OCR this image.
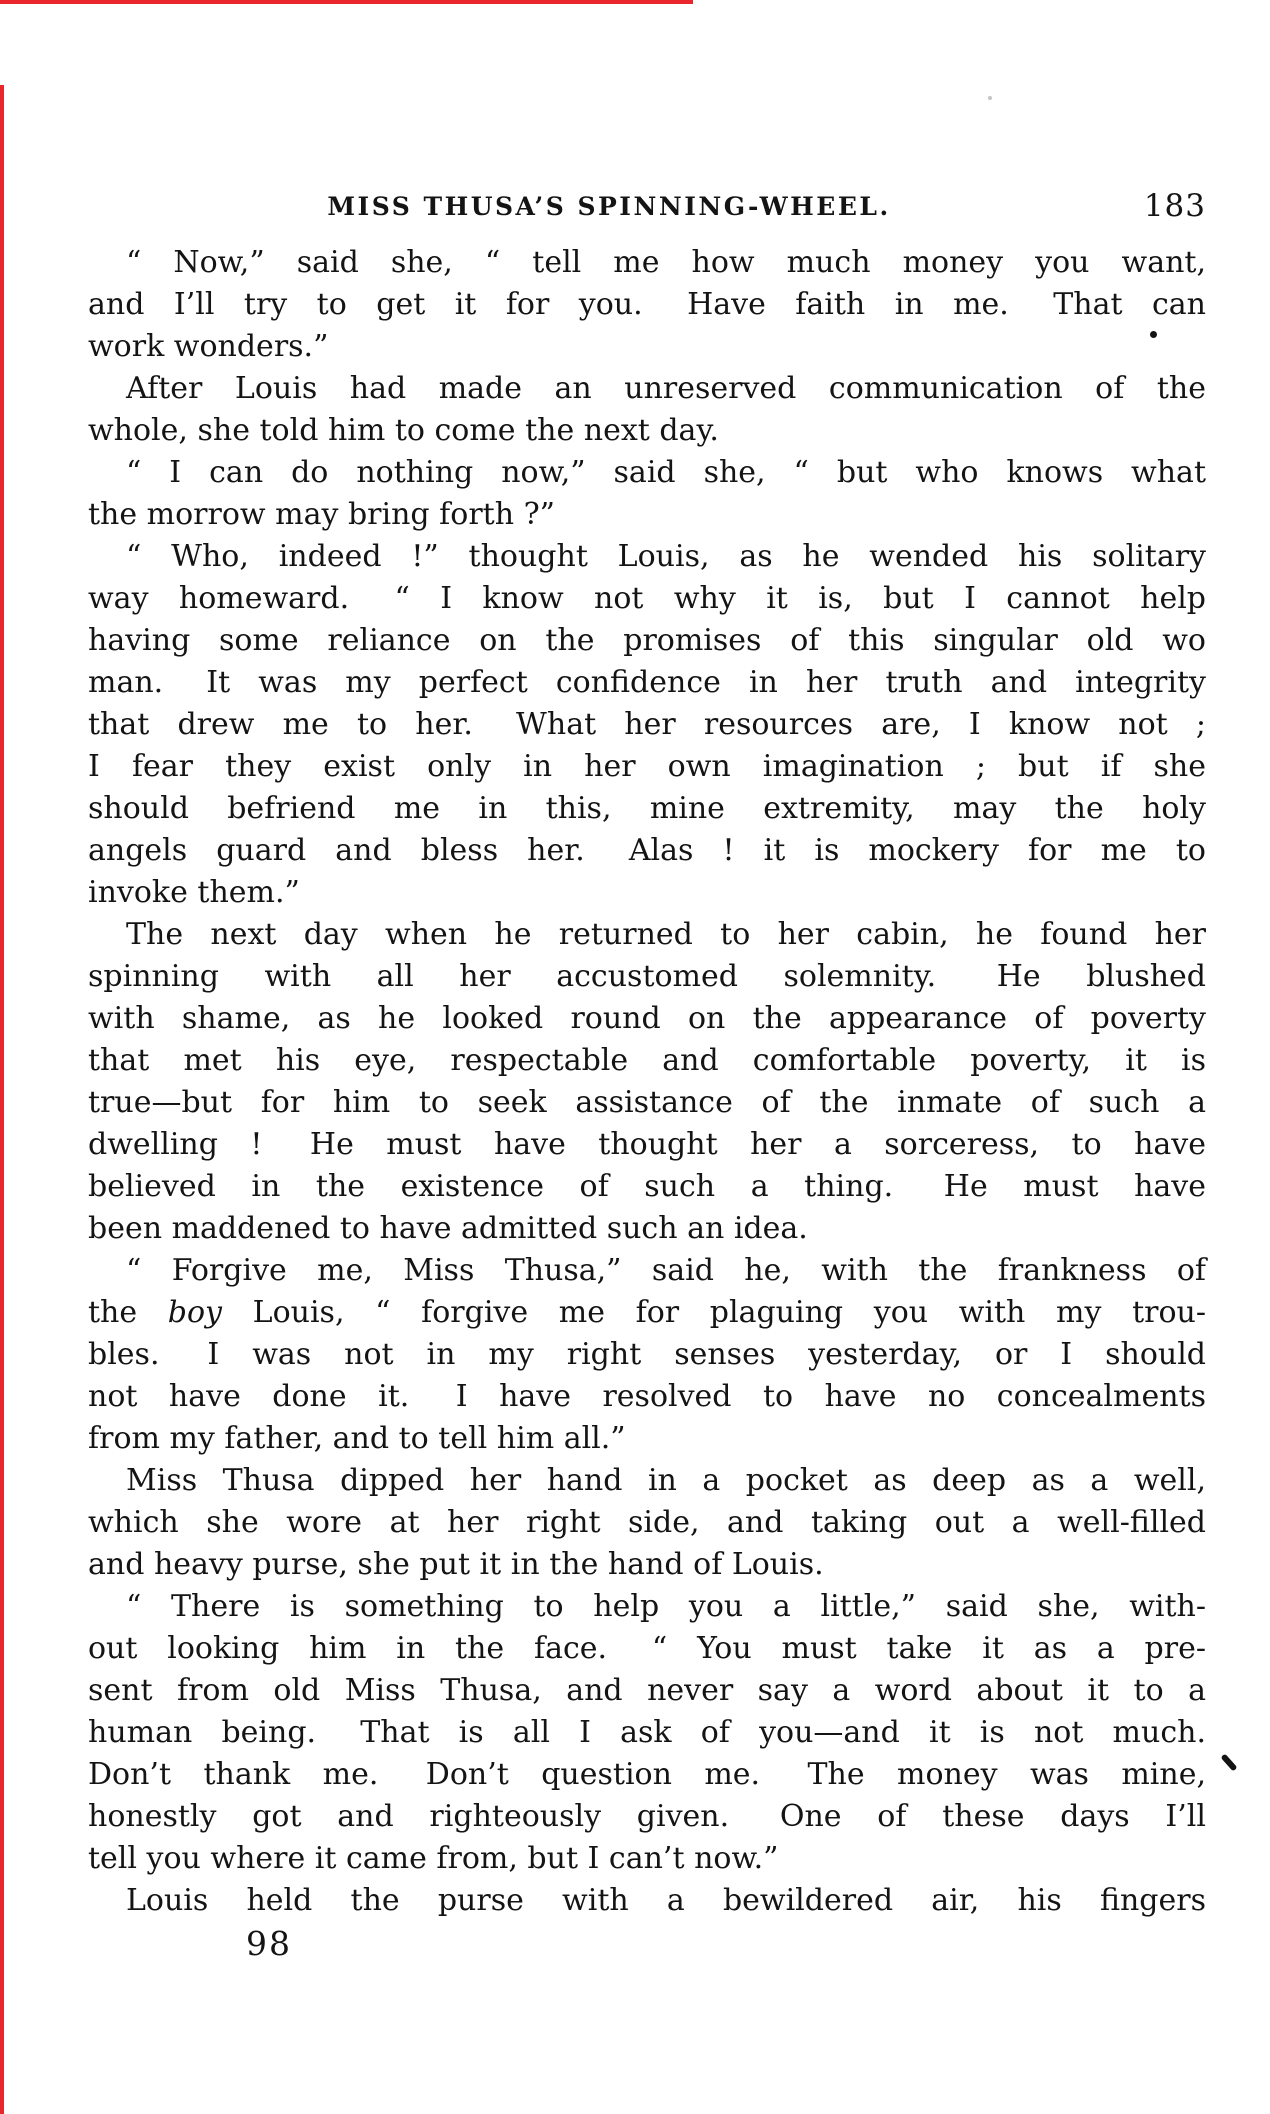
MISS THUSA’S SPINNING-WHEEL.	183
“ Now,” said she, “ tell me how much money you want,
and I’ll try to get it for you.  Have faith in me.  That can
work wonders.”
After Louis had made an unreserved communication of the
whole, she told him to come the next day.
“ I can do nothing now,” said she, “ but who knows what
the morrow may bring forth ?”
“ Who, indeed !” thought Louis, as he wended his solitary
way homeward.  “ I know not why it is, but I cannot help
having some reliance on the promises of this singular old wo
man.  It was my perfect confidence in her truth and integrity
that drew me to her.  What her resources are, I know not ;
I fear they exist only in her own imagination ; but if she
should befriend me in this, mine extremity, may the holy
angels guard and bless her.  Alas ! it is mockery for me to
invoke them.”
The next day when he returned to her cabin, he found her
spinning with all her accustomed solemnity.  He blushed
with shame, as he looked round on the appearance of poverty
that met his eye, respectable and comfortable poverty, it is
true—but for him to seek assistance of the inmate of such a
dwelling !  He must have thought her a sorceress, to have
believed in the existence of such a thing.  He must have
been maddened to have admitted such an idea.
“ Forgive me, Miss Thusa,” said he, with the frankness of
the boy Louis, “ forgive me for plaguing you with my trou-
bles.  I was not in my right senses yesterday, or I should
not have done it.  I have resolved to have no concealments
from my father, and to tell him all.”
Miss Thusa dipped her hand in a pocket as deep as a well,
which she wore at her right side, and taking out a well-filled
and heavy purse, she put it in the hand of Louis.
“ There is something to help you a little,” said she, with-
out looking him in the face.  “ You must take it as a pre-
sent from old Miss Thusa, and never say a word about it to a
human being.  That is all I ask of you—and it is not much.
Don’t thank me.  Don’t question me.  The money was mine,
honestly got and righteously given.  One of these days I’ll
tell you where it came from, but I can’t now.”
Louis held the purse with a bewildered air, his fingers
98
